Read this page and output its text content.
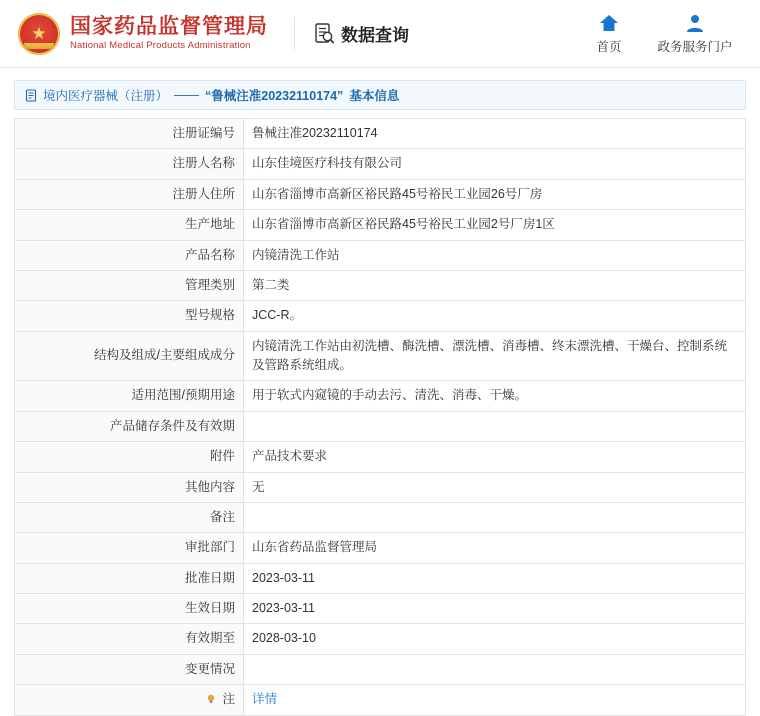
★
国家药品监督管理局
National Medical Products Administration
数据查询
首页	政务服务门户
境内医疗器械（注册） —— “鲁械注准20232110174” 基本信息
注册证编号	鲁械注准20232110174
注册人名称	山东佳境医疗科技有限公司
注册人住所	山东省淄博市高新区裕民路45号裕民工业园26号厂房
生产地址	山东省淄博市高新区裕民路45号裕民工业园2号厂房1区
产品名称	内镜清洗工作站
管理类别	第二类
型号规格	JCC-R。
结构及组成/主要组成成分	内镜清洗工作站由初洗槽、酶洗槽、漂洗槽、消毒槽、终末漂洗槽、干燥台、控制系统及管路系统组成。
适用范围/预期用途	用于软式内窥镜的手动去污、清洗、消毒、干燥。
产品储存条件及有效期	
附件	产品技术要求
其他内容	无
备注	
审批部门	山东省药品监督管理局
批准日期	2023-03-11
生效日期	2023-03-11
有效期至	2028-03-10
变更情况	
注	详情
